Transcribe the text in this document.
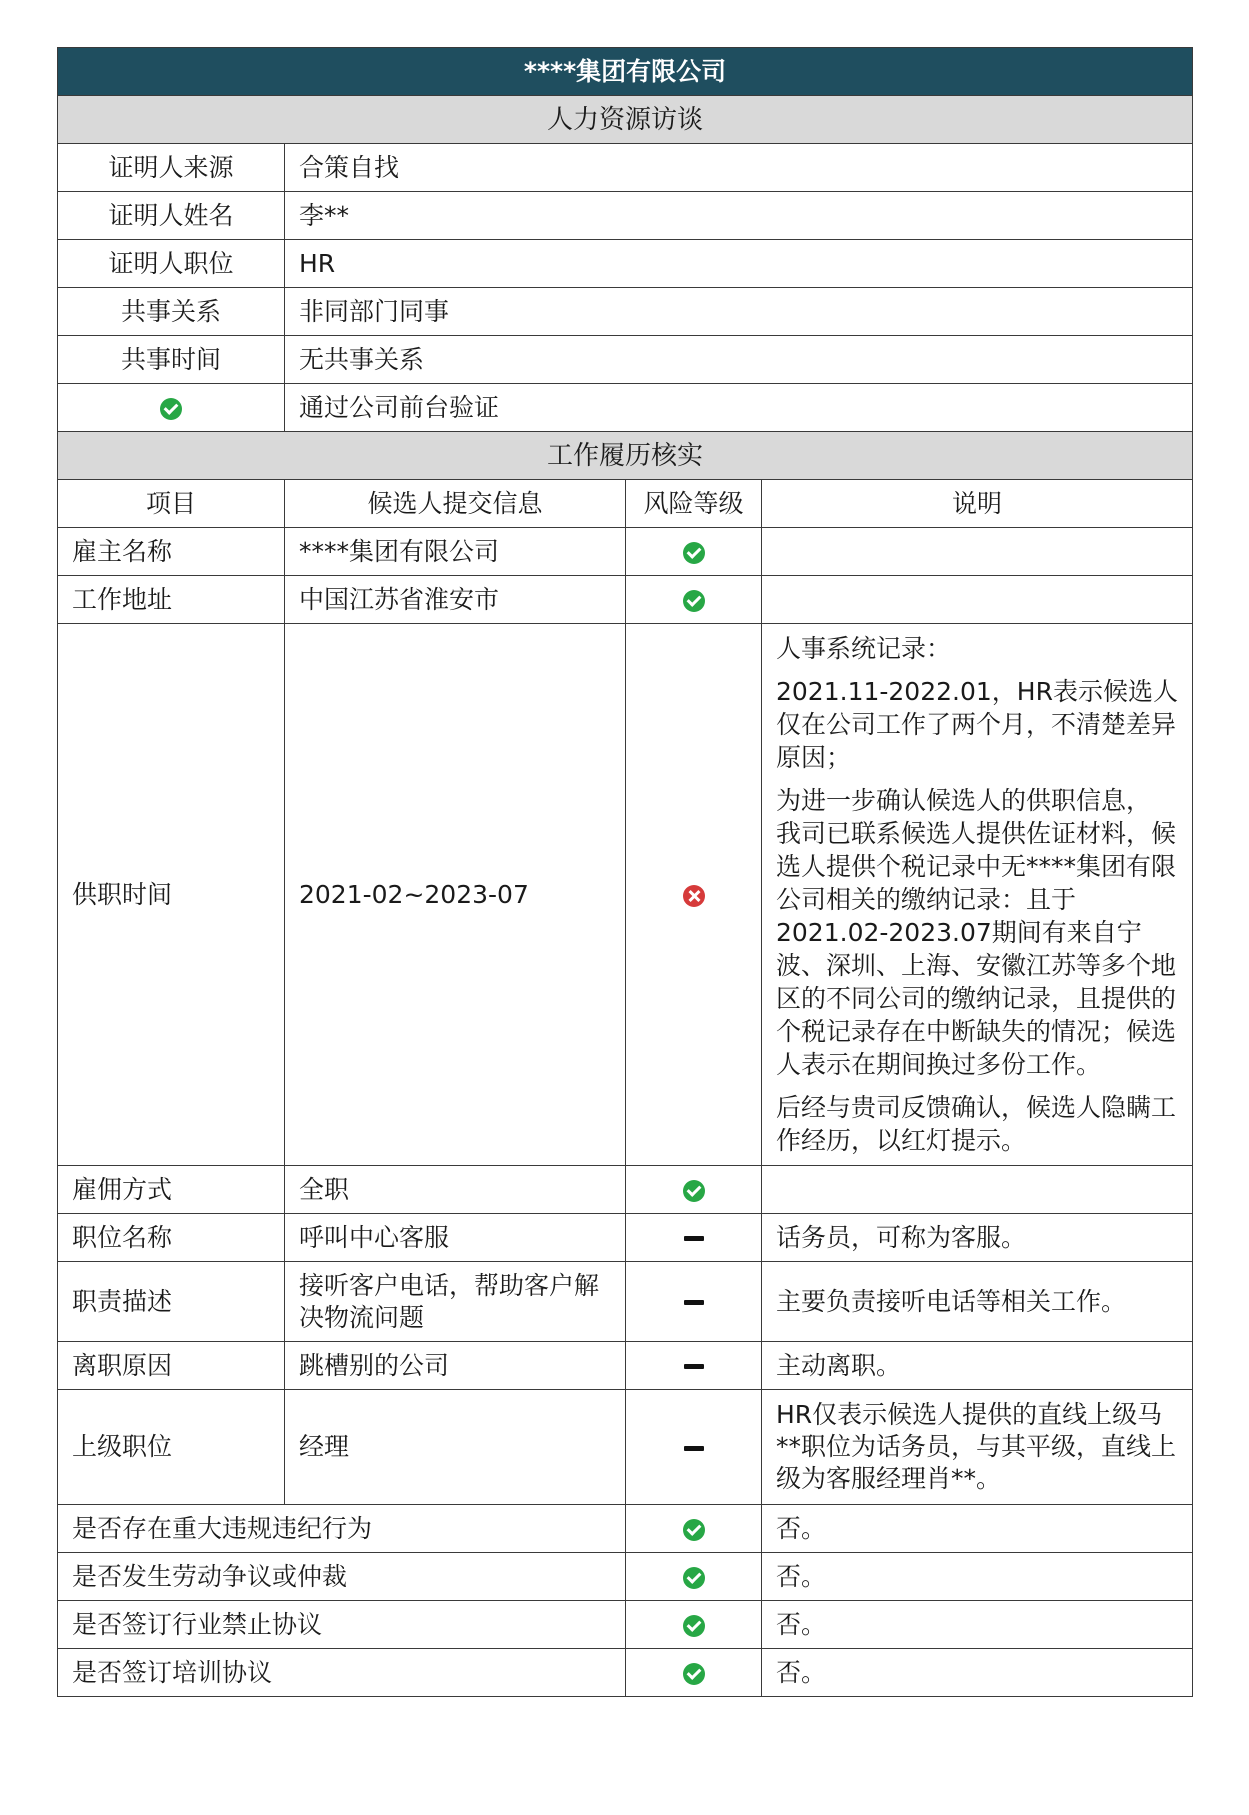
****集团有限公司			
人力资源访谈			
证明人来源	合策自找		
证明人姓名	李**		
证明人职位	HR		
共事关系	非同部门同事		
共事时间	无共事关系		
	通过公司前台验证		
工作履历核实			
项目	候选人提交信息	风险等级	说明
雇主名称	****集团有限公司		
工作地址	中国江苏省淮安市		
供职时间	2021-02~2023-07		人事系统记录：

2021.11-2022.01，HR表示候选人仅在公司工作了两个月，不清楚差异原因；

为进一步确认候选人的供职信息， 我司已联系候选人提供佐证材料，候选人提供个税记录中无****集团有限公司相关的缴纳记录：且于2021.02-2023.07期间有来自宁波、深圳、上海、安徽江苏等多个地区的不同公司的缴纳记录，且提供的个税记录存在中断缺失的情况；候选人表示在期间换过多份工作。

后经与贵司反馈确认，候选人隐瞒工作经历，以红灯提示。

雇佣方式	全职		
职位名称	呼叫中心客服		话务员，可称为客服。
职责描述	接听客户电话，帮助客户解决物流问题		主要负责接听电话等相关工作。
离职原因	跳槽别的公司		主动离职。
上级职位	经理		HR仅表示候选人提供的直线上级马**职位为话务员，与其平级，直线上级为客服经理肖**。
是否存在重大违规违纪行为			否。
是否发生劳动争议或仲裁			否。
是否签订行业禁止协议			否。
是否签订培训协议			否。
